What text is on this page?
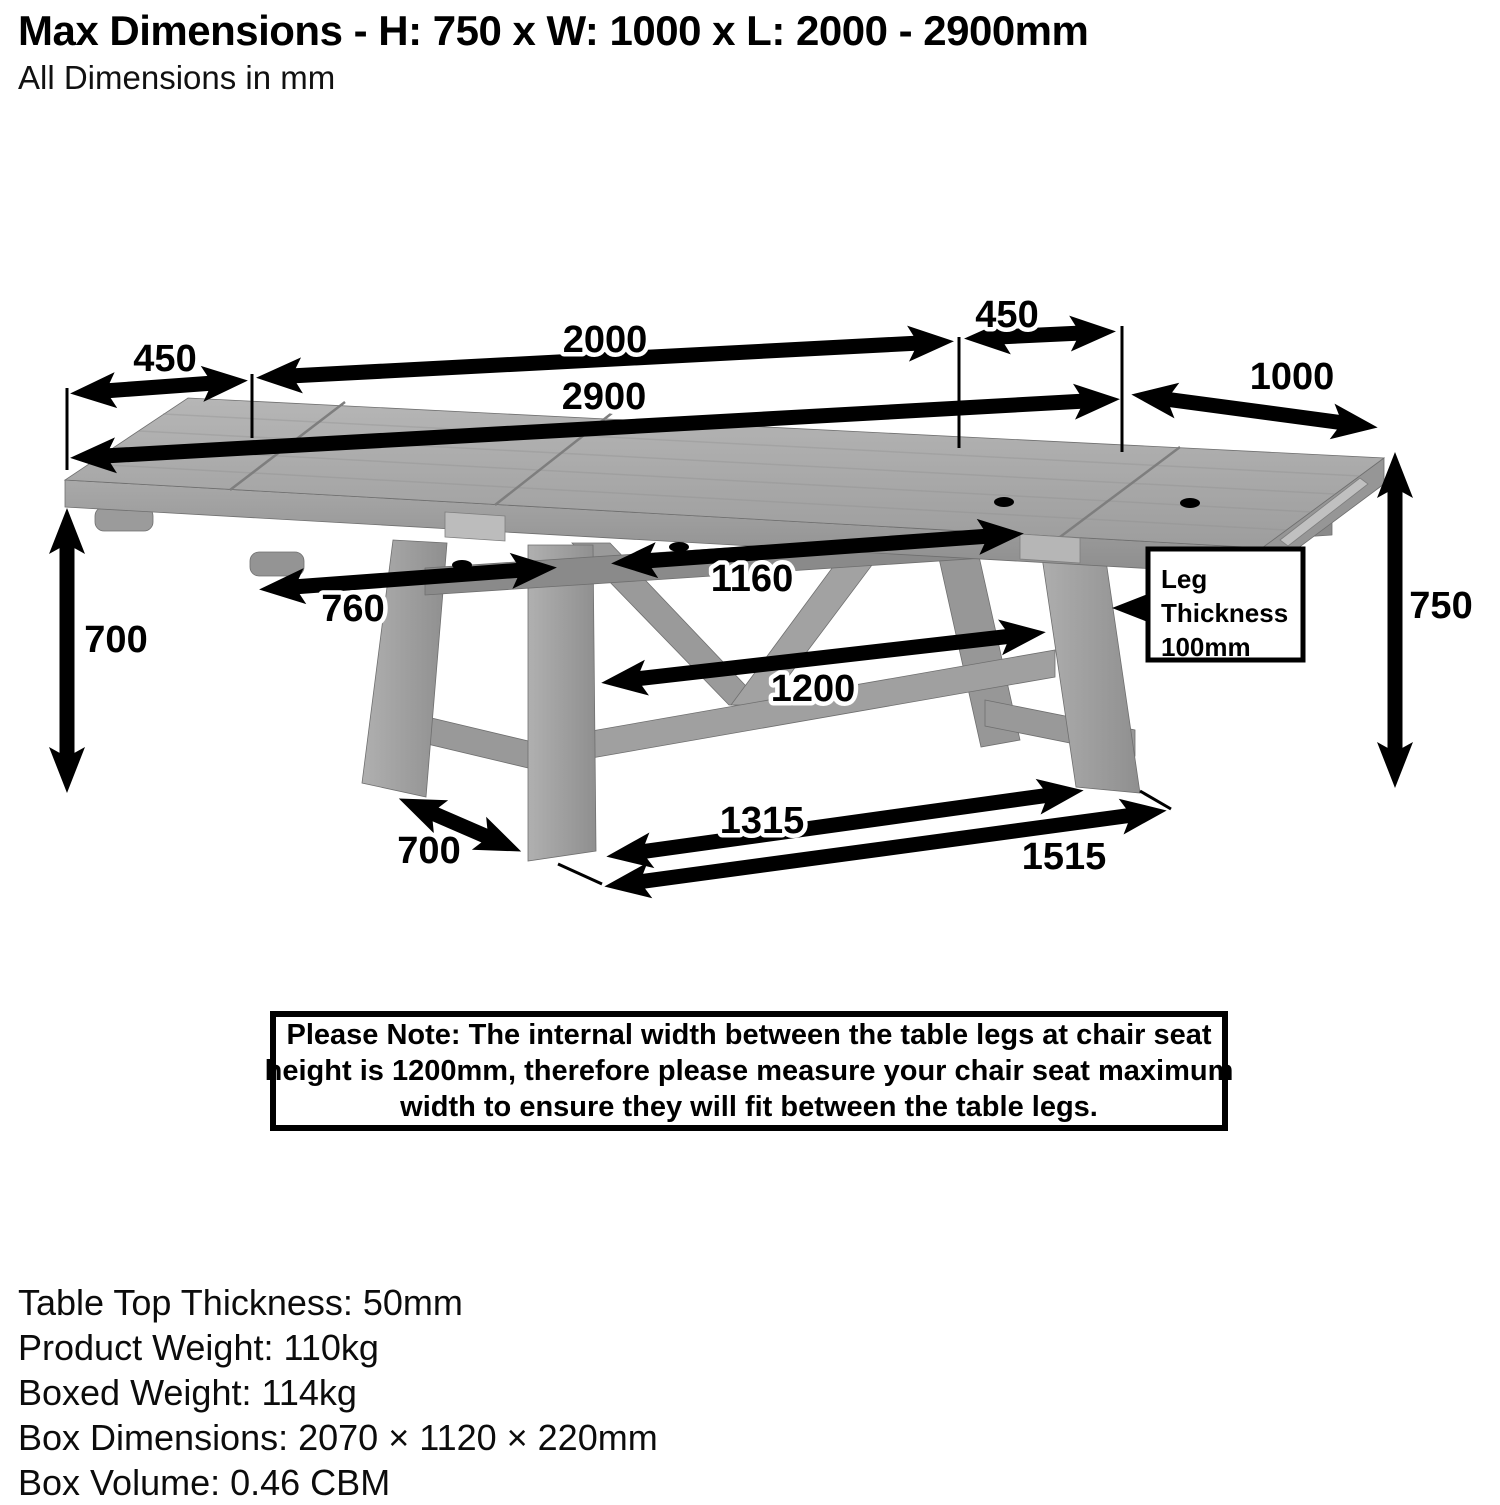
Max Dimensions - H: 750 x W: 1000 x L: 2000 - 2900mm
All Dimensions in mm
450	2000
450
2900	1000
700
750
760
1160
1200
1315
1515
700
Leg
Thickness
100mm
Please Note: The internal width between the table legs at chair seat
height is 1200mm, therefore please measure your chair seat maximum
width to ensure they will fit between the table legs.
Table Top Thickness: 50mm
Product Weight: 110kg
Boxed Weight: 114kg
Box Dimensions: 2070 × 1120 × 220mm
Box Volume: 0.46 CBM
